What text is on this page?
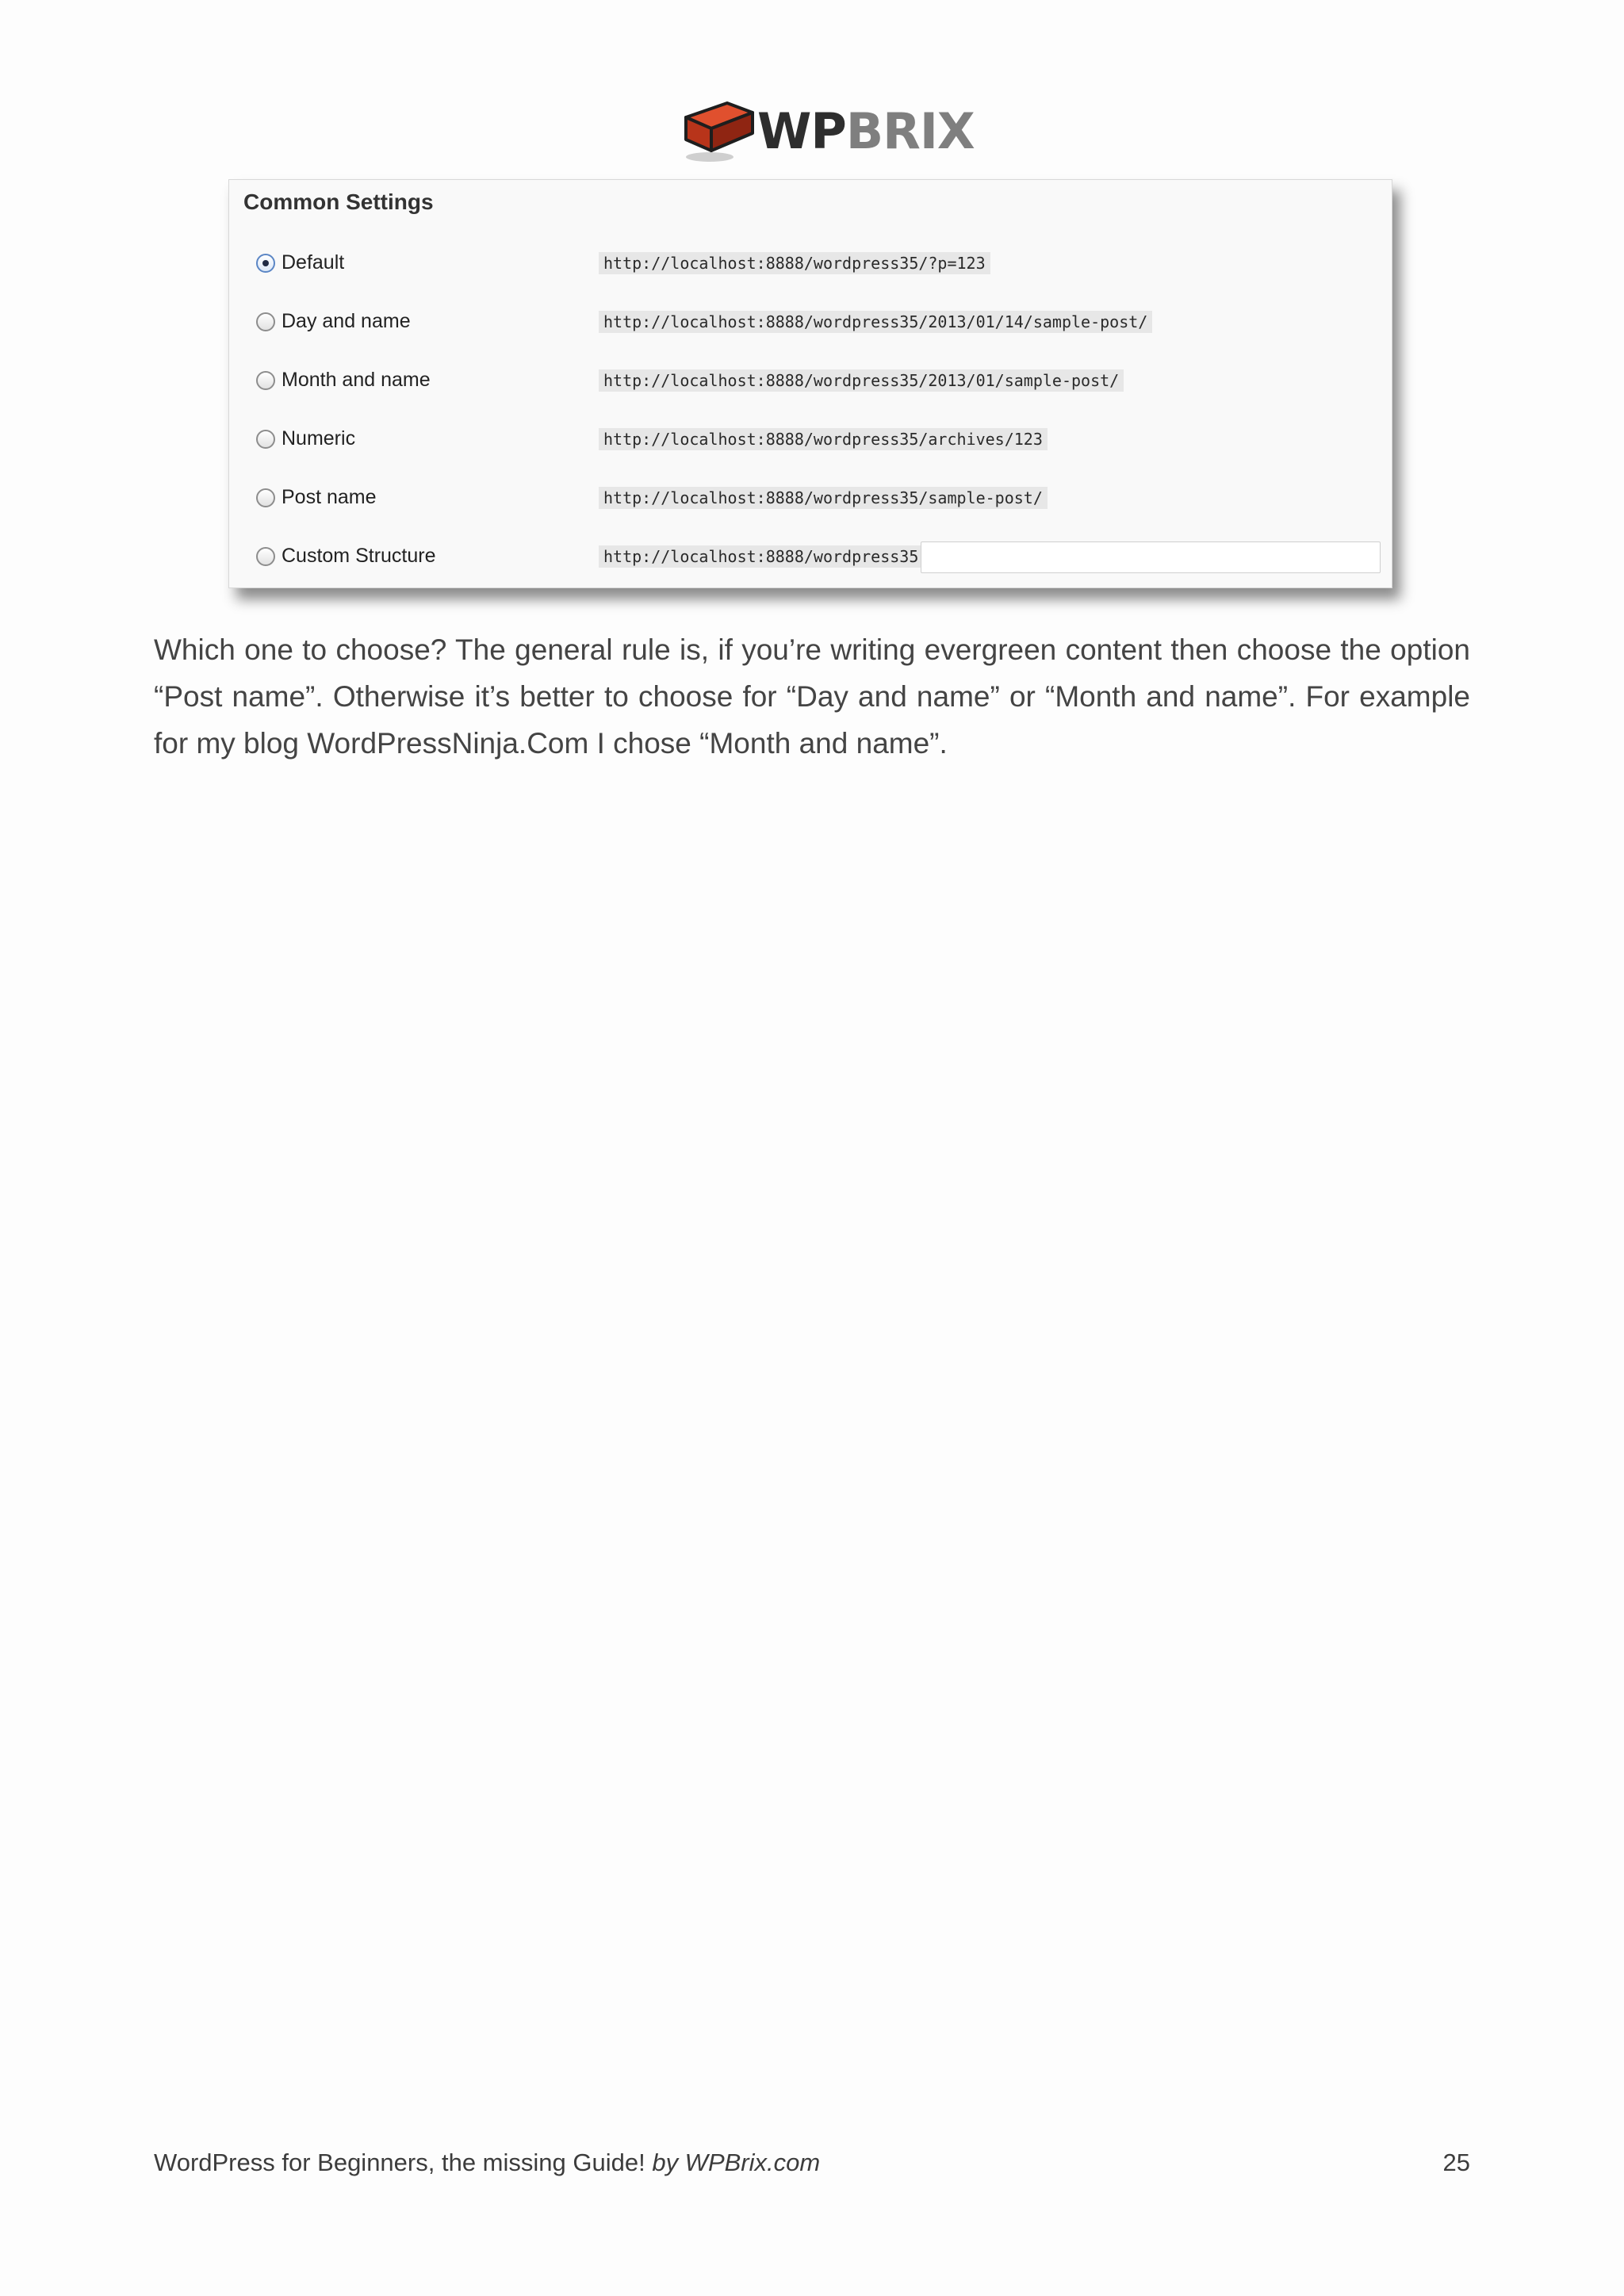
WPBRIX
Common Settings
Default	http://localhost:8888/wordpress35/?p=123
Day and name	http://localhost:8888/wordpress35/2013/01/14/sample-post/
Month and name	http://localhost:8888/wordpress35/2013/01/sample-post/
Numeric	http://localhost:8888/wordpress35/archives/123
Post name	http://localhost:8888/wordpress35/sample-post/
Custom Structure	http://localhost:8888/wordpress35

Which one to choose? The general rule is, if you’re writing evergreen content then choose the option “Post name”. Otherwise it’s better to choose for “Day and name” or “Month and name”. For example for my blog WordPressNinja.Com I chose “Month and name”.

WordPress for Beginners, the missing Guide! by WPBrix.com	25
